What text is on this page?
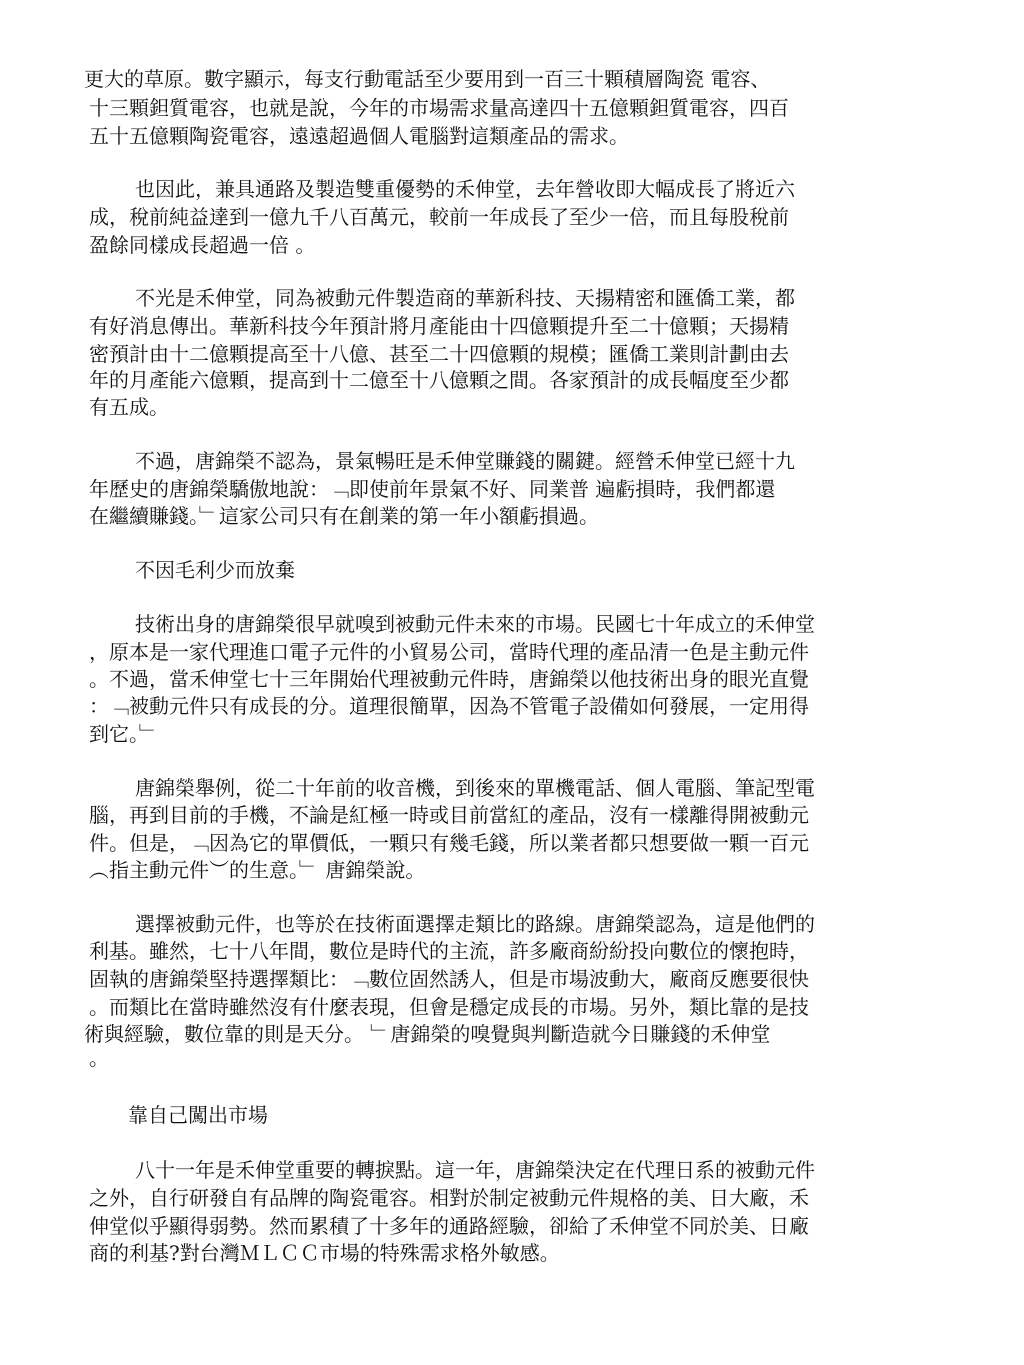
更大的草原。數字顯示，每支行動電話至少要用到一百三十顆積層陶瓷 電容、
十三顆鉭質電容，也就是說，今年的市場需求量高達四十五億顆鉭質電容，四百
五十五億顆陶瓷電容，遠遠超過個人電腦對這類產品的需求。
也因此，兼具通路及製造雙重優勢的禾伸堂，去年營收即大幅成長了將近六
成，稅前純益達到一億九千八百萬元，較前一年成長了至少一倍，而且每股稅前
盈餘同樣成長超過一倍 。
不光是禾伸堂，同為被動元件製造商的華新科技、天揚精密和匯僑工業，都
有好消息傳出。華新科技今年預計將月產能由十四億顆提升至二十億顆；天揚精
密預計由十二億顆提高至十八億、甚至二十四億顆的規模；匯僑工業則計劃由去
年的月產能六億顆，提高到十二億至十八億顆之間。各家預計的成長幅度至少都
有五成。
不過，唐錦榮不認為，景氣暢旺是禾伸堂賺錢的關鍵。經營禾伸堂已經十九
年歷史的唐錦榮驕傲地說：﹁即使前年景氣不好、同業普 遍虧損時，我們都還
在繼續賺錢。﹂這家公司只有在創業的第一年小額虧損過。
不因毛利少而放棄
技術出身的唐錦榮很早就嗅到被動元件未來的市場。民國七十年成立的禾伸堂
，原本是一家代理進口電子元件的小貿易公司，當時代理的產品清一色是主動元件
。不過，當禾伸堂七十三年開始代理被動元件時，唐錦榮以他技術出身的眼光直覺
：﹁被動元件只有成長的分。道理很簡單，因為不管電子設備如何發展，一定用得
到它。﹂
唐錦榮舉例，從二十年前的收音機，到後來的單機電話、個人電腦、筆記型電
腦，再到目前的手機，不論是紅極一時或目前當紅的產品，沒有一樣離得開被動元
件。但是，﹁因為它的單價低，一顆只有幾毛錢，所以業者都只想要做一顆一百元
︵指主動元件︶的生意。﹂ 唐錦榮說。
選擇被動元件，也等於在技術面選擇走類比的路線。唐錦榮認為，這是他們的
利基。雖然，七十八年間，數位是時代的主流，許多廠商紛紛投向數位的懷抱時，
固執的唐錦榮堅持選擇類比：﹁數位固然誘人，但是市場波動大，廠商反應要很快
。而類比在當時雖然沒有什麼表現，但會是穩定成長的市場。另外，類比靠的是技
術與經驗，數位靠的則是天分。 ﹂唐錦榮的嗅覺與判斷造就今日賺錢的禾伸堂
。
靠自己闖出市場
八十一年是禾伸堂重要的轉捩點。這一年，唐錦榮決定在代理日系的被動元件
之外，自行研發自有品牌的陶瓷電容。相對於制定被動元件規格的美、日大廠，禾
伸堂似乎顯得弱勢。然而累積了十多年的通路經驗，卻給了禾伸堂不同於美、日廠
商的利基?對台灣ＭＬＣＣ市場的特殊需求格外敏感。
